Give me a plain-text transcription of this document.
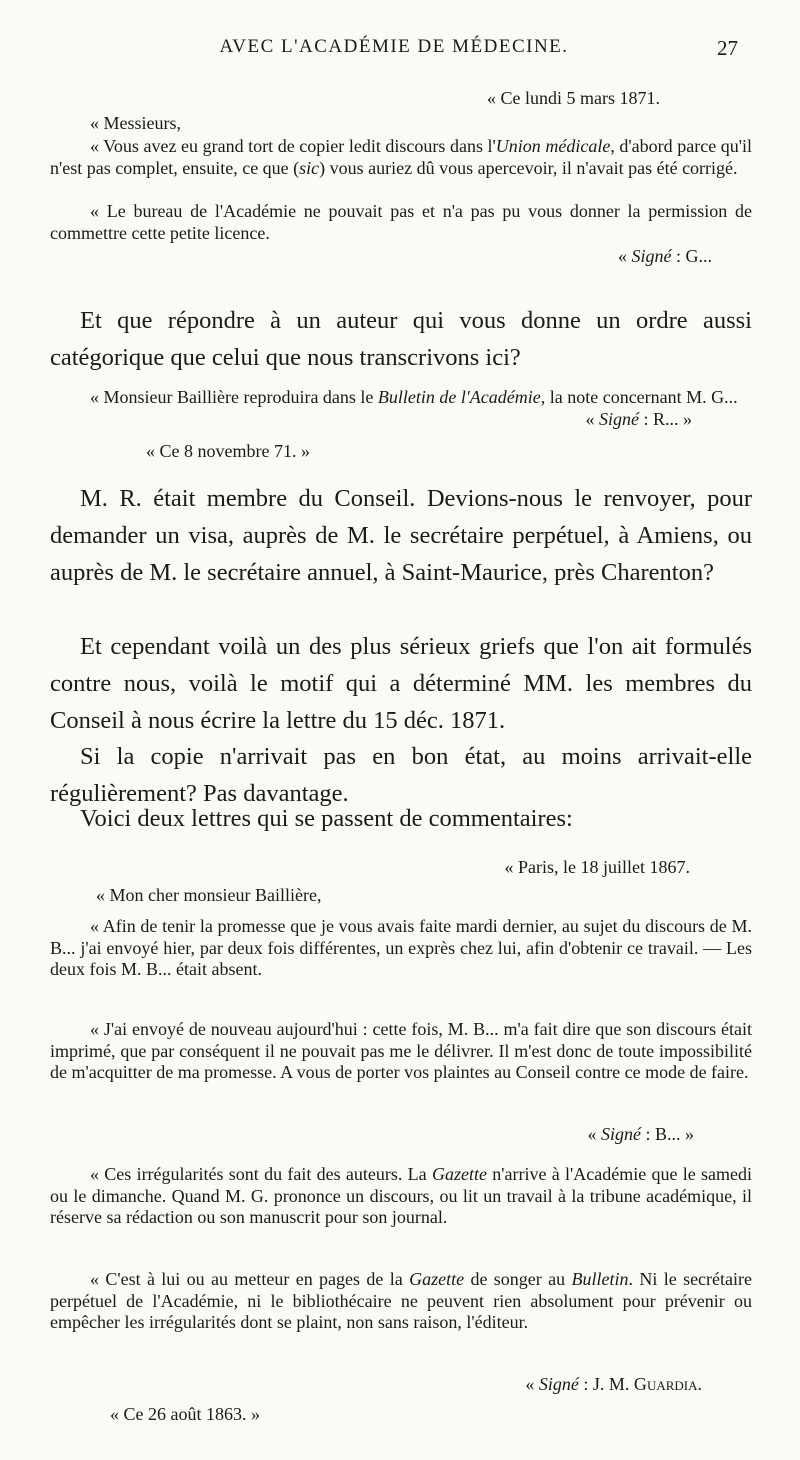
AVEC L'ACADÉMIE DE MÉDECINE.	27

« Ce lundi 5 mars 1871.

« Messieurs,

« Vous avez eu grand tort de copier ledit discours dans l'Union médicale, d'abord parce qu'il n'est pas complet, ensuite, ce que (sic) vous auriez dû vous apercevoir, il n'avait pas été corrigé.

« Le bureau de l'Académie ne pouvait pas et n'a pas pu vous donner la permission de commettre cette petite licence.

« Signé : G...

Et que répondre à un auteur qui vous donne un ordre aussi catégorique que celui que nous transcrivons ici?

« Monsieur Baillière reproduira dans le Bulletin de l'Académie, la note concernant M. G...

« Signé : R... »

« Ce 8 novembre 71. »

M. R. était membre du Conseil. Devions-nous le renvoyer, pour demander un visa, auprès de M. le secrétaire perpétuel, à Amiens, ou auprès de M. le secrétaire annuel, à Saint-Maurice, près Charenton?

Et cependant voilà un des plus sérieux griefs que l'on ait formulés contre nous, voilà le motif qui a déterminé MM. les membres du Conseil à nous écrire la lettre du 15 déc. 1871.

Si la copie n'arrivait pas en bon état, au moins arrivait-elle régulièrement? Pas davantage.

Voici deux lettres qui se passent de commentaires:

« Paris, le 18 juillet 1867.

« Mon cher monsieur Baillière,

« Afin de tenir la promesse que je vous avais faite mardi dernier, au sujet du discours de M. B... j'ai envoyé hier, par deux fois différentes, un exprès chez lui, afin d'obtenir ce travail. — Les deux fois M. B... était absent.

« J'ai envoyé de nouveau aujourd'hui : cette fois, M. B... m'a fait dire que son discours était imprimé, que par conséquent il ne pouvait pas me le délivrer. Il m'est donc de toute impossibilité de m'acquitter de ma promesse. A vous de porter vos plaintes au Conseil contre ce mode de faire.

« Signé : B... »

« Ces irrégularités sont du fait des auteurs. La Gazette n'arrive à l'Académie que le samedi ou le dimanche. Quand M. G. prononce un discours, ou lit un travail à la tribune académique, il réserve sa rédaction ou son manuscrit pour son journal.

« C'est à lui ou au metteur en pages de la Gazette de songer au Bulletin. Ni le secrétaire perpétuel de l'Académie, ni le bibliothécaire ne peuvent rien absolument pour prévenir ou empêcher les irrégularités dont se plaint, non sans raison, l'éditeur.

« Signé : J. M. Guardia.

« Ce 26 août 1863. »
